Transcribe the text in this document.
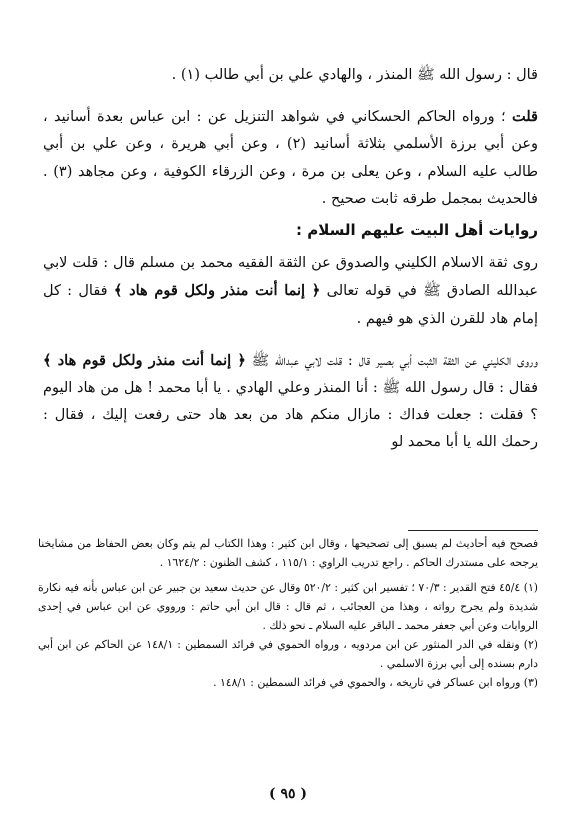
قال : رسول الله ﷺ المنذر ، والهادي علي بن أبي طالب (١) .

قلت ؛ ورواه الحاكم الحسكاني في شواهد التنزيل عن : ابن عباس بعدة أسانيد ، وعن أبي برزة الأسلمي بثلاثة أسانيد (٢) ، وعن أبي هريرة ، وعن علي بن أبي طالب عليه السلام ، وعن يعلى بن مرة ، وعن الزرقاء الكوفية ، وعن مجاهد (٣) . فالحديث بمجمل طرقه ثابت صحيح .

روايات أهل البيت عليهم السلام :

روى ثقة الاسلام الكليني والصدوق عن الثقة الفقيه محمد بن مسلم قال : قلت لابي عبدالله الصادق ﷺ في قوله تعالى ﴿ إنما أنت منذر ولكل قوم هاد ﴾ فقال : كل إمام هاد للقرن الذي هو فيهم .

وروى الكليني عن الثقة الثبت أبي بصير قال : قلت لابي عبدالله ﷺ ﴿ إنما أنت منذر ولكل قوم هاد ﴾ فقال : قال رسول الله ﷺ : أنا المنذر وعلي الهادي . يا أبا محمد ! هل من هاد اليوم ؟ فقلت : جعلت فداك : مازال منكم هاد من بعد هاد حتى رفعت إليك ، فقال : رحمك الله يا أبا محمد لو

فصحح فيه أحاديث لم يسبق إلى تصحيحها ، وقال ابن كثير : وهذا الكتاب لم يتم وكان بعض الحفاظ من مشايخنا يرجحه على مستدرك الحاكم . راجع تدريب الراوي : ١١٥/١ ، كشف الظنون : ١٦٢٤/٢ .

(١) ٤٥/٤ فتح القدير : ٧٠/٣ ؛ تفسير ابن كثير : ٥٢٠/٢ وقال عن حديث سعيد بن جبير عن ابن عباس بأنه فيه نكارة شديدة ولم يجرح رواته ، وهذا من العجائب ، ثم قال : قال ابن أبي حاتم : ورووي عن ابن عباس في إحدى الروايات وعن أبي جعفر محمد ـ الباقر عليه السلام ـ نحو ذلك .

(٢) ونقله في الدر المنثور عن ابن مردويه ، ورواه الحموي في فرائد السمطين : ١٤٨/١ عن الحاكم عن ابن أبي دارم بسنده إلى أبي برزة الاسلمي .

(٣) ورواه ابن عساكر في تاريخه ، والحموي في فرائد السمطين : ١٤٨/١ .

( ٩٥ )
